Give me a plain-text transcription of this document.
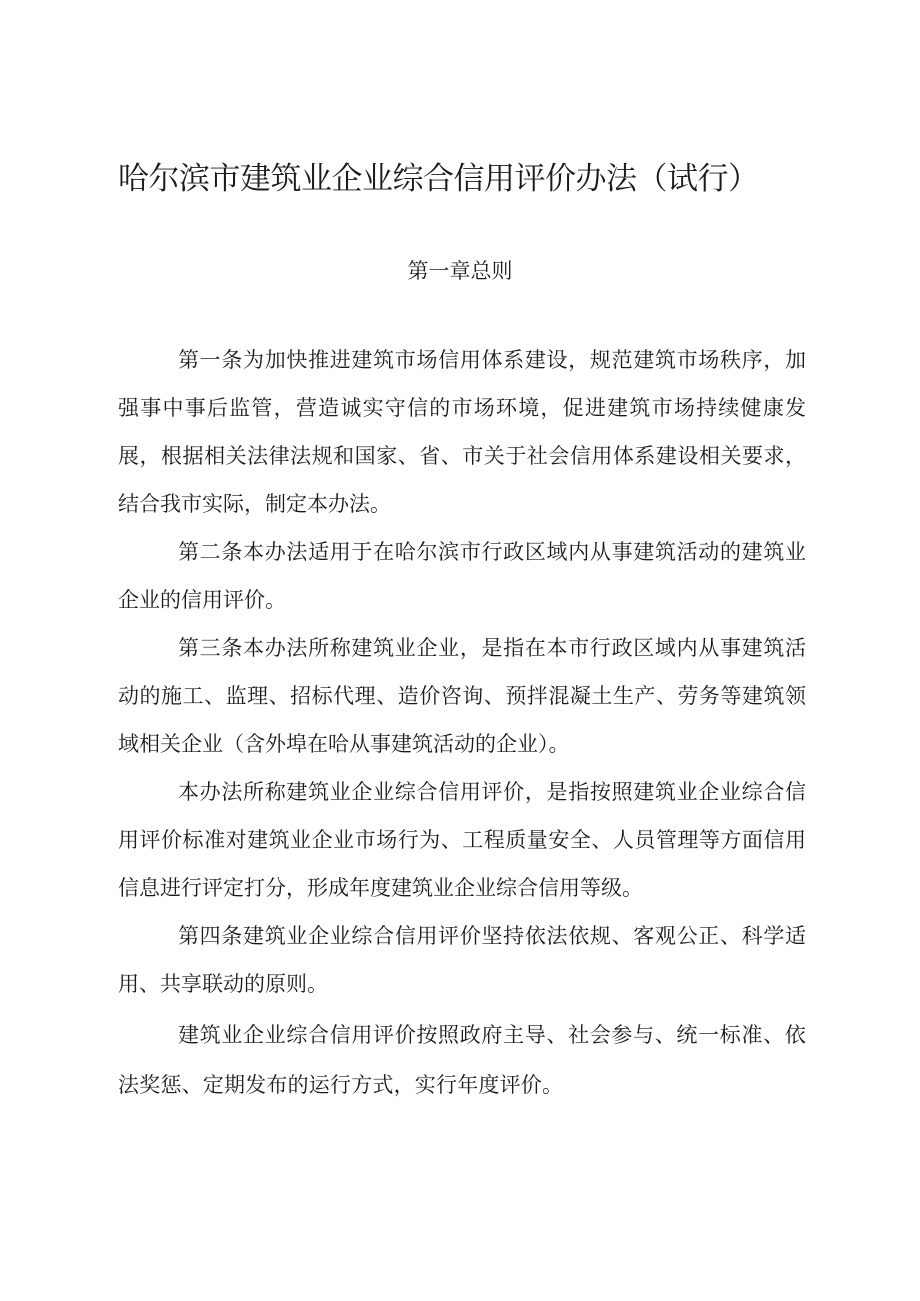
哈尔滨市建筑业企业综合信用评价办法（试行）
第一章总则

第一条为加快推进建筑市场信用体系建设，规范建筑市场秩序，加强事中事后监管，营造诚实守信的市场环境，促进建筑市场持续健康发展，根据相关法律法规和国家、省、市关于社会信用体系建设相关要求，结合我市实际，制定本办法。

第二条本办法适用于在哈尔滨市行政区域内从事建筑活动的建筑业企业的信用评价。

第三条本办法所称建筑业企业，是指在本市行政区域内从事建筑活动的施工、监理、招标代理、造价咨询、预拌混凝土生产、劳务等建筑领域相关企业（含外埠在哈从事建筑活动的企业）。

本办法所称建筑业企业综合信用评价，是指按照建筑业企业综合信用评价标准对建筑业企业市场行为、工程质量安全、人员管理等方面信用信息进行评定打分，形成年度建筑业企业综合信用等级。

第四条建筑业企业综合信用评价坚持依法依规、客观公正、科学适用、共享联动的原则。

建筑业企业综合信用评价按照政府主导、社会参与、统一标准、依法奖惩、定期发布的运行方式，实行年度评价。
